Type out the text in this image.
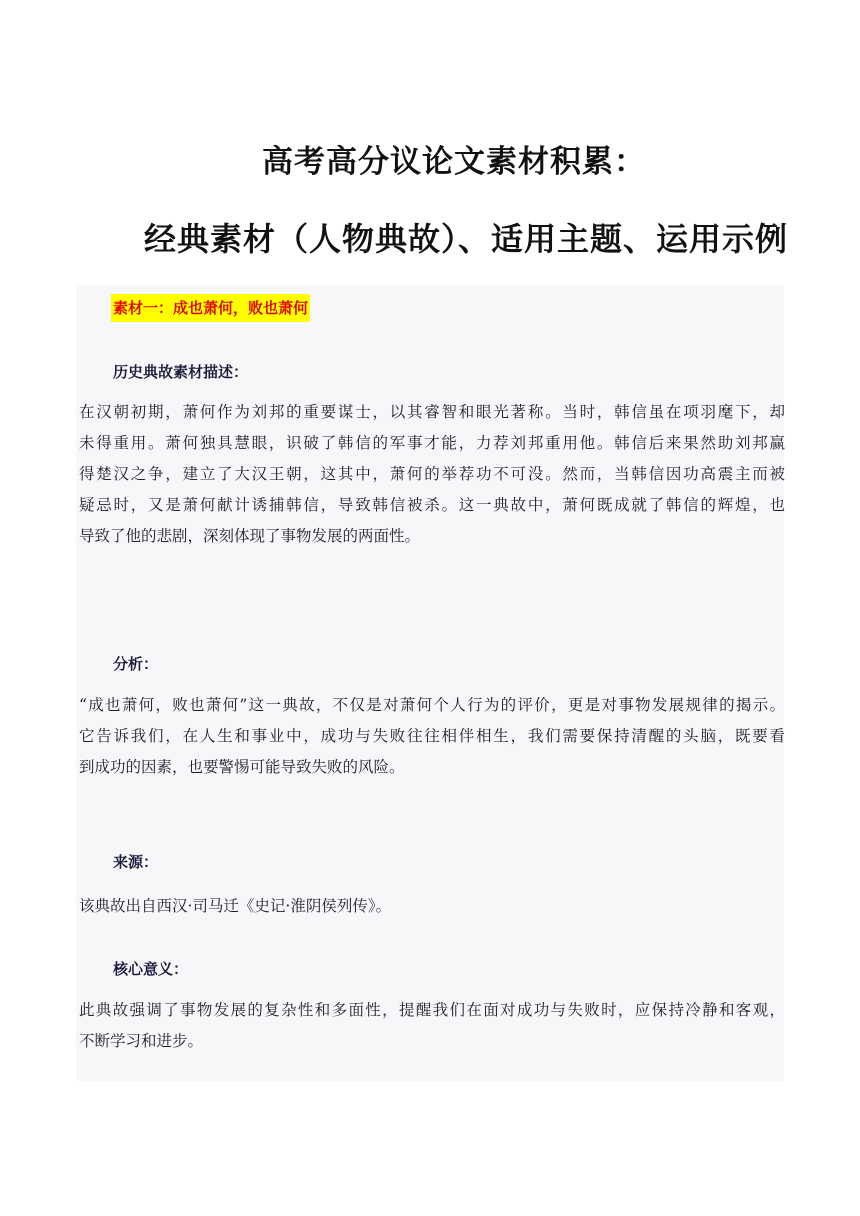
高考高分议论文素材积累：
经典素材（人物典故）、适用主题、运用示例
素材一：成也萧何，败也萧何
历史典故素材描述：
在汉朝初期，萧何作为刘邦的重要谋士，以其睿智和眼光著称。当时，韩信虽在项羽麾下，却
未得重用。萧何独具慧眼，识破了韩信的军事才能，力荐刘邦重用他。韩信后来果然助刘邦赢
得楚汉之争，建立了大汉王朝，这其中，萧何的举荐功不可没。然而，当韩信因功高震主而被
疑忌时，又是萧何献计诱捕韩信，导致韩信被杀。这一典故中，萧何既成就了韩信的辉煌，也
导致了他的悲剧，深刻体现了事物发展的两面性。
分析：
“成也萧何，败也萧何”这一典故，不仅是对萧何个人行为的评价，更是对事物发展规律的揭示。
它告诉我们，在人生和事业中，成功与失败往往相伴相生，我们需要保持清醒的头脑，既要看
到成功的因素，也要警惕可能导致失败的风险。
来源：
该典故出自西汉·司马迁《史记·淮阴侯列传》。
核心意义：
此典故强调了事物发展的复杂性和多面性，提醒我们在面对成功与失败时，应保持冷静和客观，
不断学习和进步。
